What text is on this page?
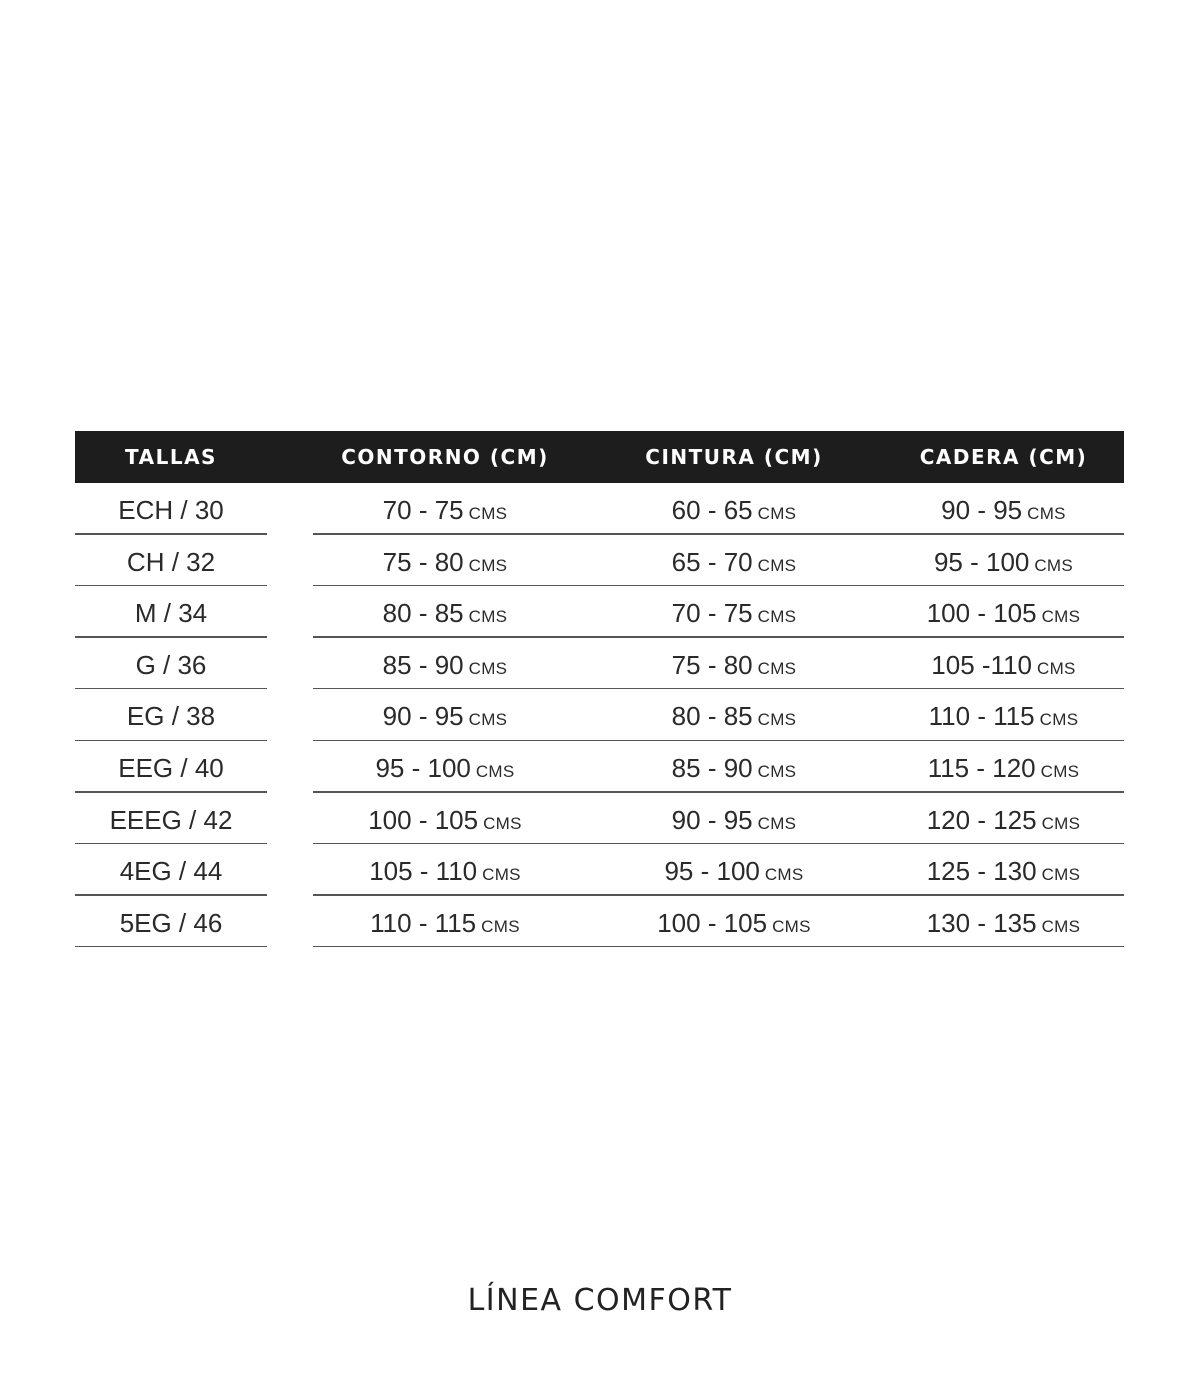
TALLAS	CONTORNO (CM)	CINTURA (CM)	CADERA (CM)
ECH / 30	70 - 75 CMS	60 - 65 CMS	90 - 95 CMS
CH / 32	75 - 80 CMS	65 - 70 CMS	95 - 100 CMS
M / 34	80 - 85 CMS	70 - 75 CMS	100 - 105 CMS
G / 36	85 - 90 CMS	75 - 80 CMS	105 -110 CMS
EG / 38	90 - 95 CMS	80 - 85 CMS	110 - 115 CMS
EEG / 40	95 - 100 CMS	85 - 90 CMS	115 - 120 CMS
EEEG / 42	100 - 105 CMS	90 - 95 CMS	120 - 125 CMS
4EG / 44	105 - 110 CMS	95 - 100 CMS	125 - 130 CMS
5EG / 46	110 - 115 CMS	100 - 105 CMS	130 - 135 CMS
LÍNEA COMFORT
